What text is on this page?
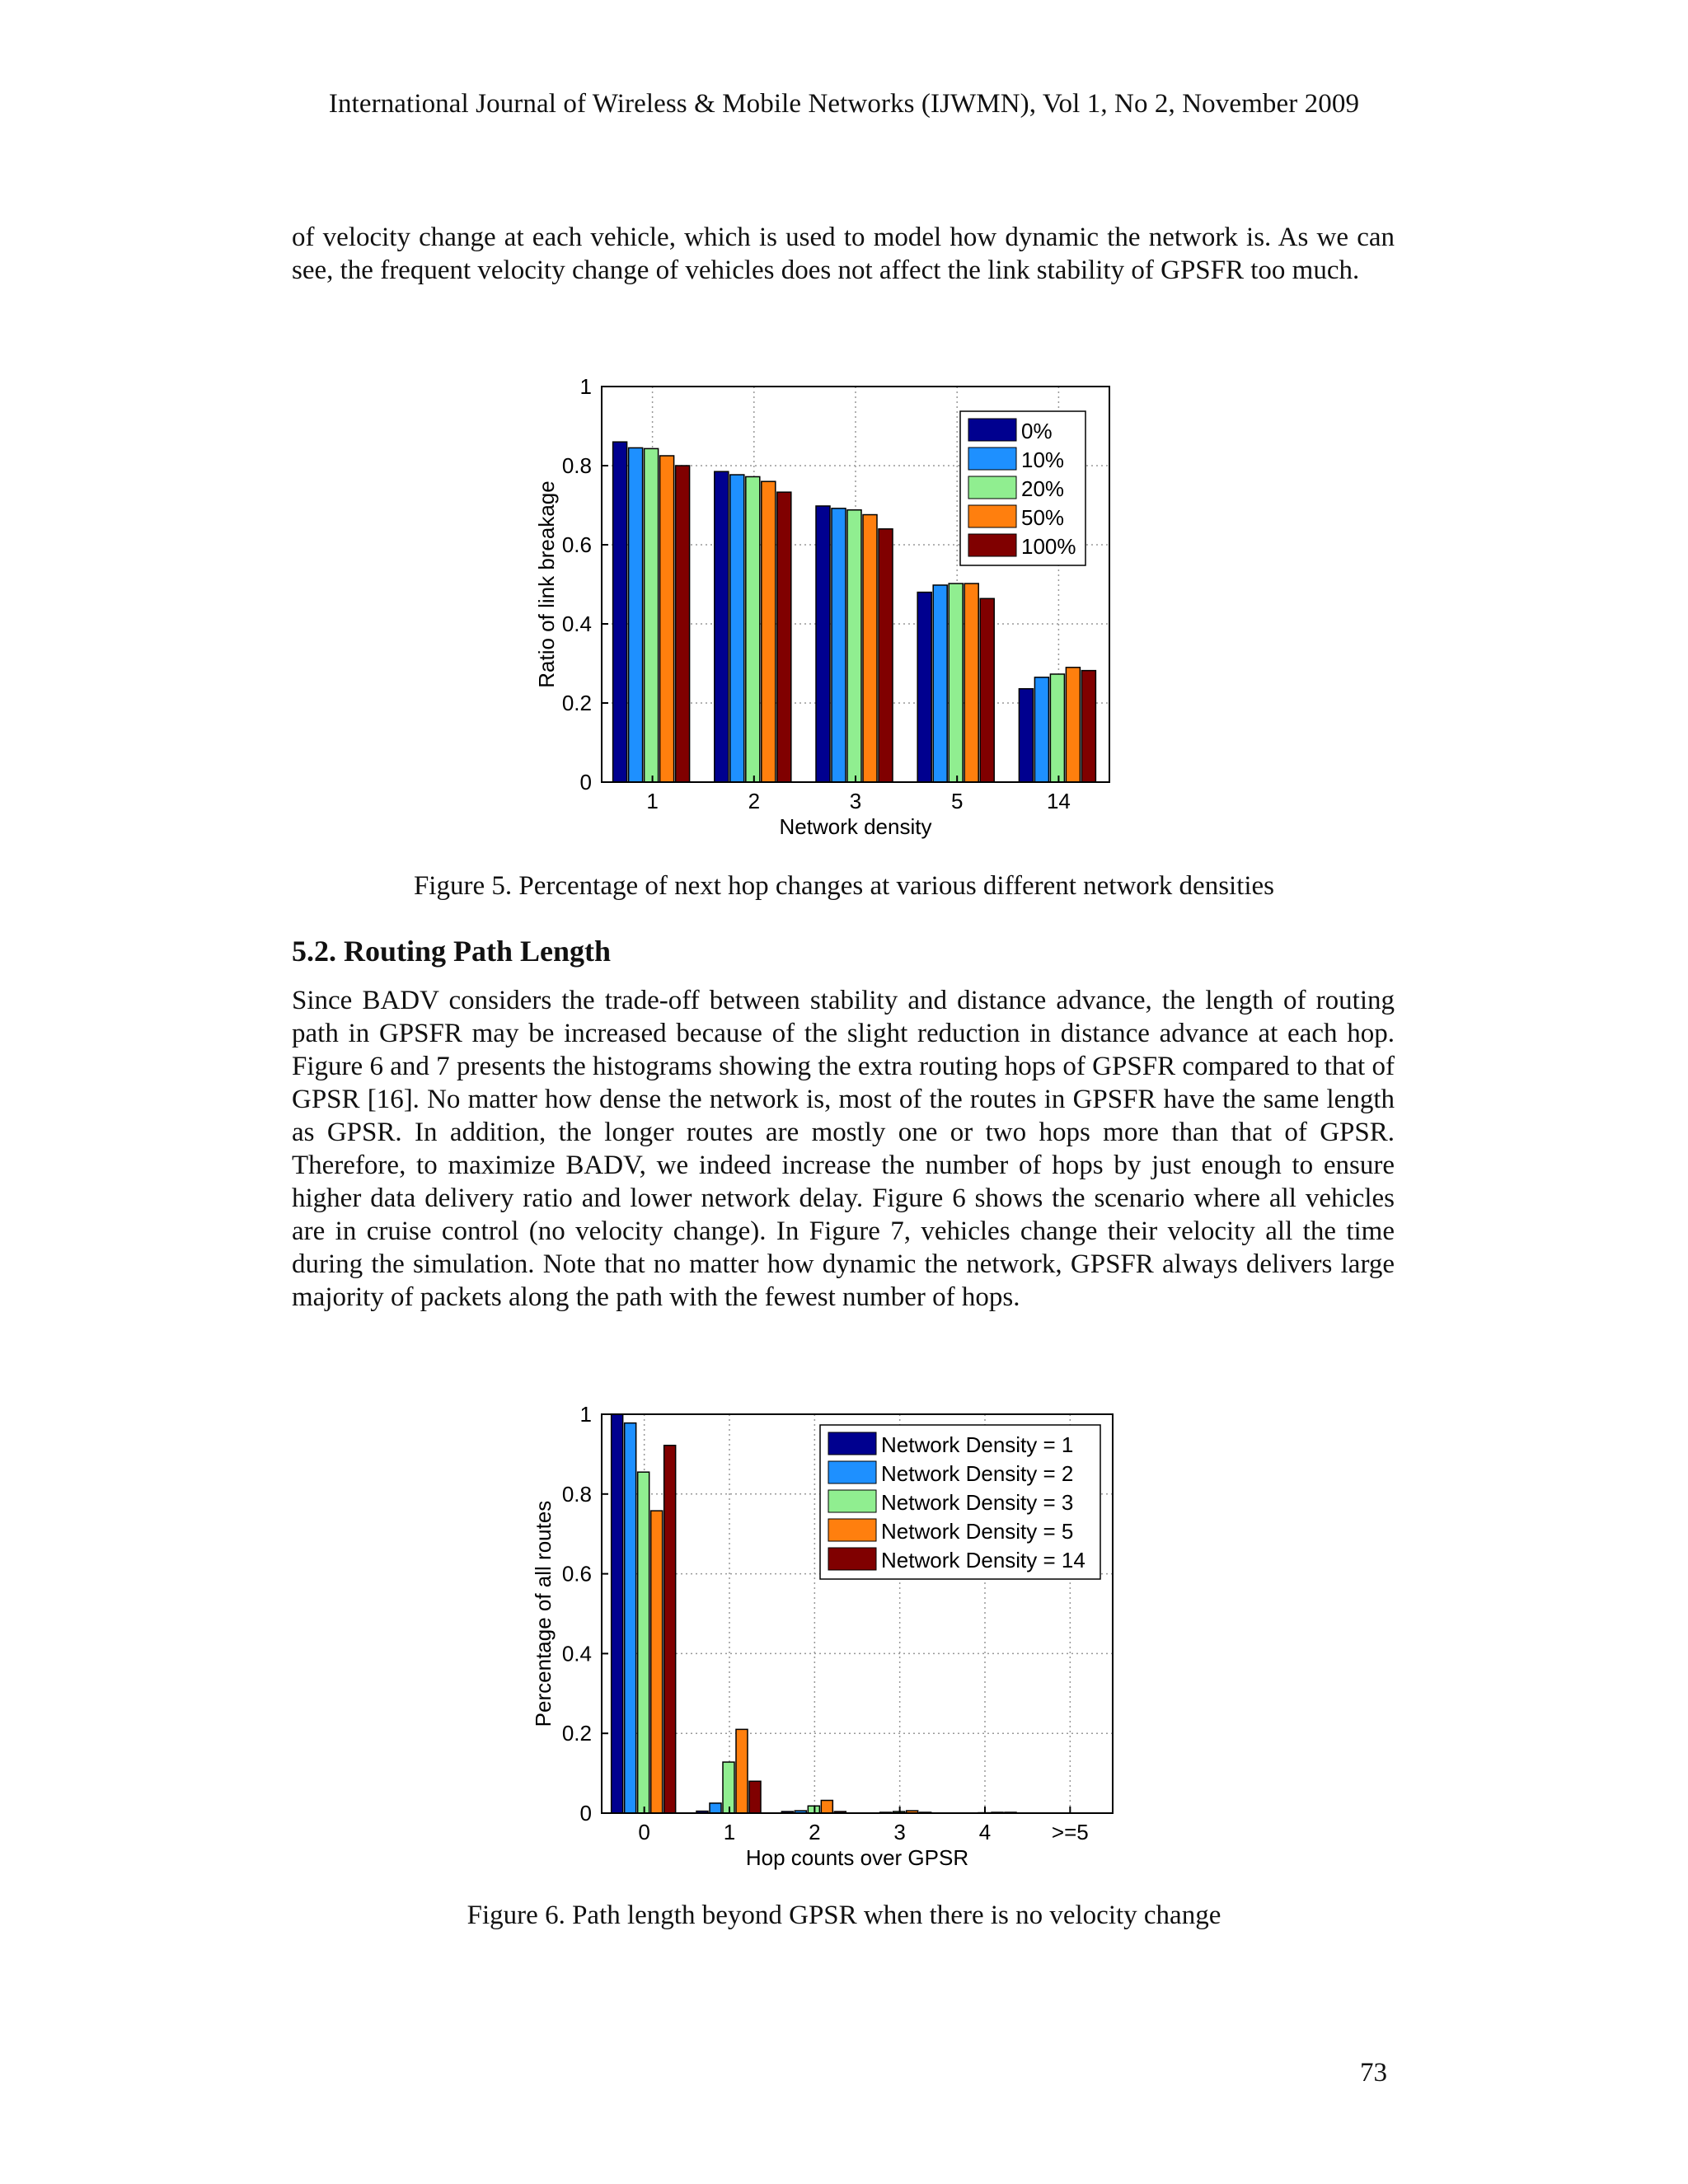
International Journal of Wireless & Mobile Networks (IJWMN), Vol 1, No 2, November 2009
of velocity change at each vehicle, which is used to model how dynamic the network is. As we can see, the frequent velocity change of vehicles does not affect the link stability of GPSFR too much.
0
0.2
0.4
0.6
0.8
1
1	2	3	5	14
Network density
Ratio of link breakage
0%
10%
20%
50%
100%
Figure 5. Percentage of next hop changes at various different network densities
5.2. Routing Path Length
Since BADV considers the trade-off between stability and distance advance, the length of routing path in GPSFR may be increased because of the slight reduction in distance advance at each hop. Figure 6 and 7 presents the histograms showing the extra routing hops of GPSFR compared to that of GPSR [16]. No matter how dense the network is, most of the routes in GPSFR have the same length as GPSR. In addition, the longer routes are mostly one or two hops more than that of GPSR. Therefore, to maximize BADV, we indeed increase the number of hops by just enough to ensure higher data delivery ratio and lower network delay. Figure 6 shows the scenario where all vehicles are in cruise control (no velocity change). In Figure 7, vehicles change their velocity all the time during the simulation. Note that no matter how dynamic the network, GPSFR always delivers large majority of packets along the path with the fewest number of hops.
0
0.2
0.4
0.6
0.8
1
0	1	2	3	4	>=5
Hop counts over GPSR
Percentage of all routes
Network Density = 1
Network Density = 2
Network Density = 3
Network Density = 5
Network Density = 14
Figure 6. Path length beyond GPSR when there is no velocity change
73
